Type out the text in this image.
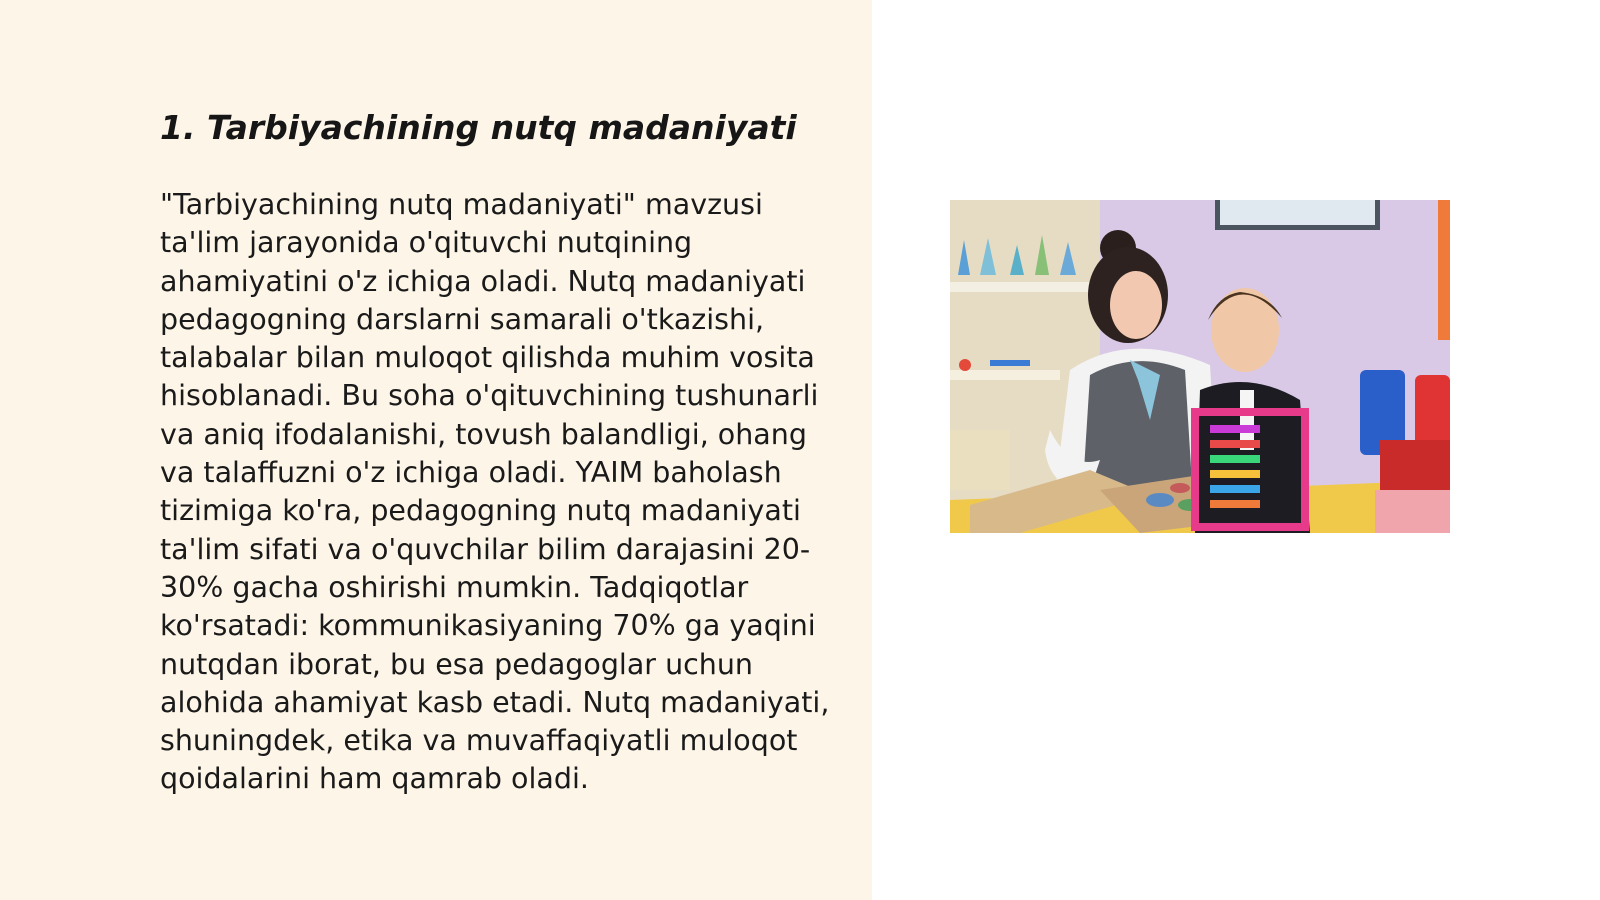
1. Tarbiyachining nutq madaniyati

"Tarbiyachining nutq madaniyati" mavzusi ta'lim jarayonida o'qituvchi nutqining ahamiyatini o'z ichiga oladi. Nutq madaniyati pedagogning darslarni samarali o'tkazishi, talabalar bilan muloqot qilishda muhim vosita hisoblanadi. Bu soha o'qituvchining tushunarli va aniq ifodalanishi, tovush balandligi, ohang va talaffuzni o'z ichiga oladi. YAIM baholash tizimiga ko'ra, pedagogning nutq madaniyati ta'lim sifati va o'quvchilar bilim darajasini 20-30% gacha oshirishi mumkin. Tadqiqotlar ko'rsatadi: kommunikasiyaning 70% ga yaqini nutqdan iborat, bu esa pedagoglar uchun alohida ahamiyat kasb etadi. Nutq madaniyati, shuningdek, etika va muvaffaqiyatli muloqot qoidalarini ham qamrab oladi.
